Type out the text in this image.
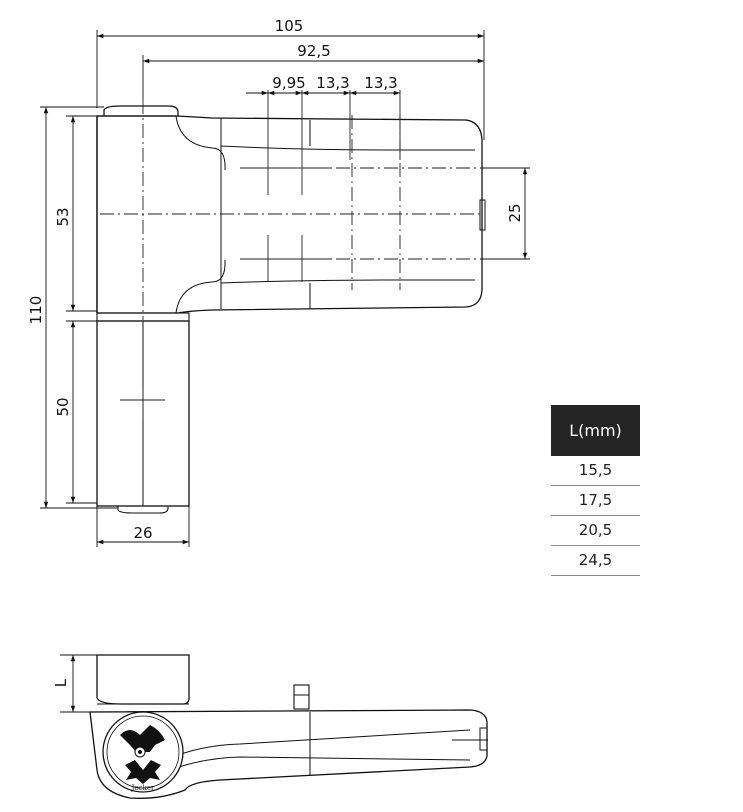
105
92,5
9,95 13,3 13,3
110
53
50
26
25
L
Jocker
L(mm)
15,5
17,5
20,5
24,5
